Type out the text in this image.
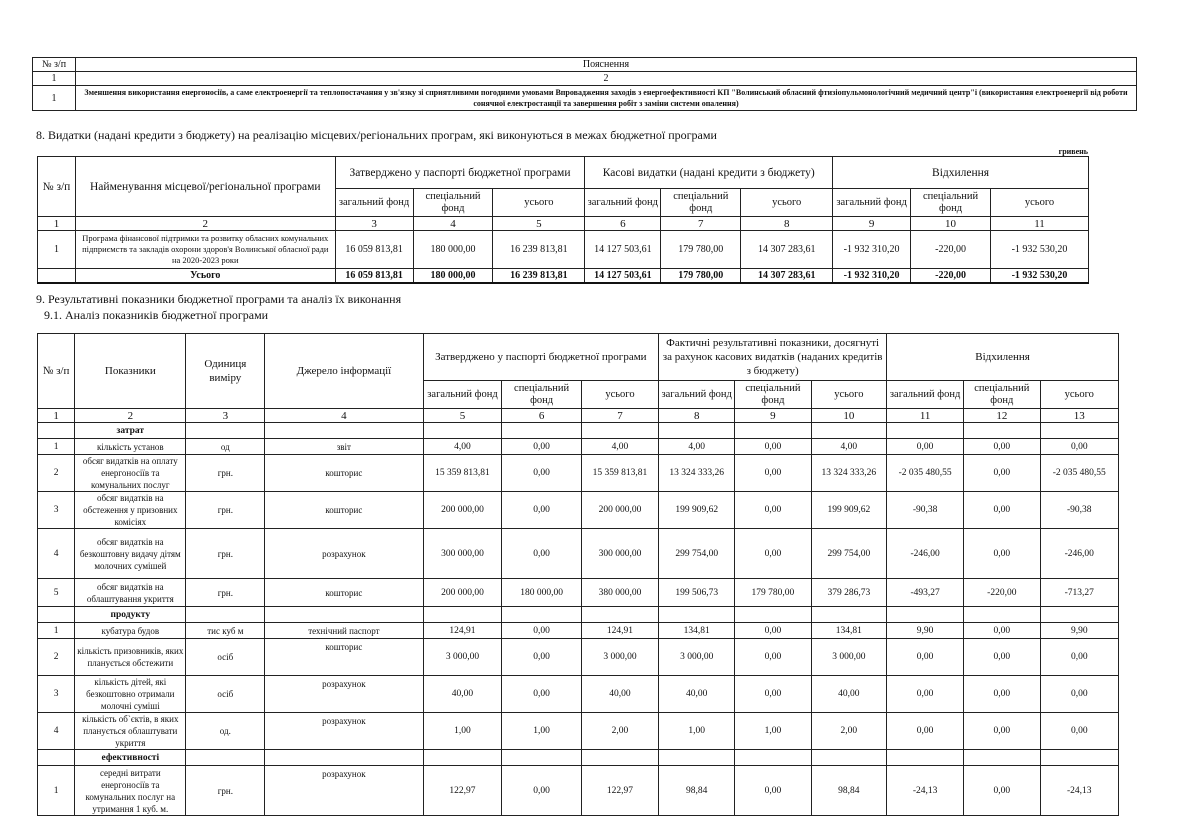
№ з/п	Пояснення
1	2
1	Зменшення використання енергоносіїв, а саме електроенергії та теплопостачання у зв'язку зі сприятливими погодними умовами Впровадження заходів з енергоефективності КП "Волинський обласний фтизіопульмонологічний медичний центр"і (використання електроенергії від роботи сонячної електростанції та завершення робіт з заміни системи опалення)
8. Видатки (надані кредити з бюджету) на реалізацію місцевих/регіональних програм, які виконуються в межах бюджетної програми
гривень
№ з/п	Найменування місцевої/регіональної програми	Затверджено у паспорті бюджетної програми			Касові видатки (надані кредити з бюджету)			Відхилення		
		загальний фонд	спеціальний фонд	усього	загальний фонд	спеціальний фонд	усього	загальний фонд	спеціальний фонд	усього
1	2	3	4	5	6	7	8	9	10	11
1	Програма фінансової підтримки та розвитку обласних комунальних підприємств та закладів охорони здоров'я Волинської обласної ради на 2020-2023 роки	16 059 813,81	180 000,00	16 239 813,81	14 127 503,61	179 780,00	14 307 283,61	-1 932 310,20	-220,00	-1 932 530,20
	Усього	16 059 813,81	180 000,00	16 239 813,81	14 127 503,61	179 780,00	14 307 283,61	-1 932 310,20	-220,00	-1 932 530,20
9. Результативні показники бюджетної програми та аналіз їх виконання
9.1. Аналіз показників бюджетної програми
№ з/п	Показники	Одиниця виміру	Джерело інформації	Затверджено у паспорті бюджетної програми			Фактичні результативні показники, досягнуті за рахунок касових видатків (наданих кредитів з бюджету)			Відхилення		
				загальний фонд	спеціальний фонд	усього	загальний фонд	спеціальний фонд	усього	загальний фонд	спеціальний фонд	усього
1	2	3	4	5	6	7	8	9	10	11	12	13
	затрат											
1	кількість установ	од	звіт	4,00	0,00	4,00	4,00	0,00	4,00	0,00	0,00	0,00
2	обсяг видатків на оплату енергоносіїв та комунальних послуг	грн.	кошторис	15 359 813,81	0,00	15 359 813,81	13 324 333,26	0,00	13 324 333,26	-2 035 480,55	0,00	-2 035 480,55
3	обсяг видатків на обстеження у призовних комісіях	грн.	кошторис	200 000,00	0,00	200 000,00	199 909,62	0,00	199 909,62	-90,38	0,00	-90,38
4	обсяг видатків на безкоштовну видачу дітям молочних сумішей	грн.	розрахунок	300 000,00	0,00	300 000,00	299 754,00	0,00	299 754,00	-246,00	0,00	-246,00
5	обсяг видатків на облаштування укриття	грн.	кошторис	200 000,00	180 000,00	380 000,00	199 506,73	179 780,00	379 286,73	-493,27	-220,00	-713,27
	продукту											
1	кубатура будов	тис куб м	технічний паспорт	124,91	0,00	124,91	134,81	0,00	134,81	9,90	0,00	9,90
2	кількість призовників, яких планується обстежити	осіб	кошторис	3 000,00	0,00	3 000,00	3 000,00	0,00	3 000,00	0,00	0,00	0,00
3	кількість дітей, які безкоштовно отримали молочні суміші	осіб	розрахунок	40,00	0,00	40,00	40,00	0,00	40,00	0,00	0,00	0,00
4	кількість об`єктів, в яких планується облаштувати укриття	од.	розрахунок	1,00	1,00	2,00	1,00	1,00	2,00	0,00	0,00	0,00
	ефективності											
1	середні витрати енергоносіїв та комунальних послуг на утримання 1 куб. м.	грн.	розрахунок	122,97	0,00	122,97	98,84	0,00	98,84	-24,13	0,00	-24,13
